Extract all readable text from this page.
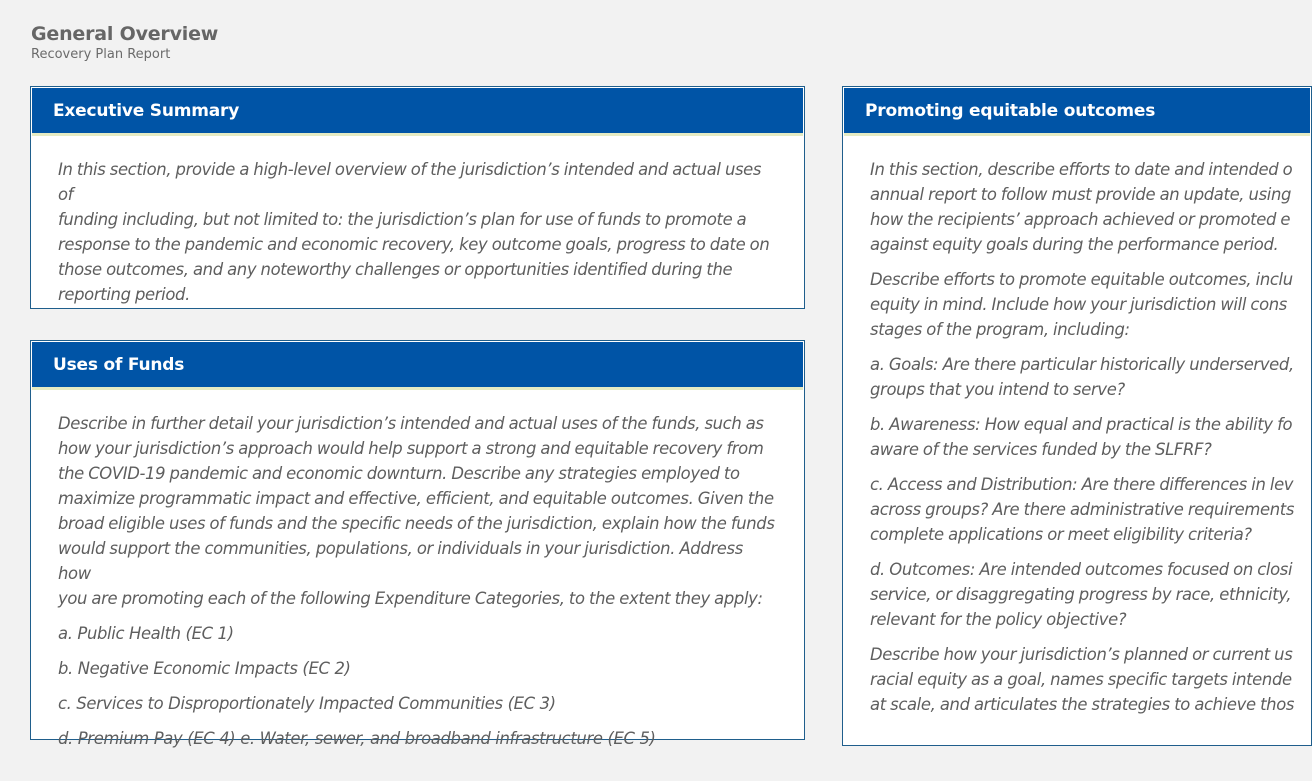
General Overview

Recovery Plan Report

Executive Summary

In this section, provide a high-level overview of the jurisdiction’s intended and actual uses of
funding including, but not limited to: the jurisdiction’s plan for use of funds to promote a
response to the pandemic and economic recovery, key outcome goals, progress to date on
those outcomes, and any noteworthy challenges or opportunities identified during the
reporting period.

Uses of Funds

Describe in further detail your jurisdiction’s intended and actual uses of the funds, such as
how your jurisdiction’s approach would help support a strong and equitable recovery from
the COVID-19 pandemic and economic downturn. Describe any strategies employed to
maximize programmatic impact and effective, efficient, and equitable outcomes. Given the
broad eligible uses of funds and the specific needs of the jurisdiction, explain how the funds
would support the communities, populations, or individuals in your jurisdiction. Address how
you are promoting each of the following Expenditure Categories, to the extent they apply:

a. Public Health (EC 1)

b. Negative Economic Impacts (EC 2)

c. Services to Disproportionately Impacted Communities (EC 3)

d. Premium Pay (EC 4) e. Water, sewer, and broadband infrastructure (EC 5)

Promoting equitable outcomes

In this section, describe efforts to date and intended o
annual report to follow must provide an update, using
how the recipients’ approach achieved or promoted e
against equity goals during the performance period.

Describe efforts to promote equitable outcomes, inclu
equity in mind. Include how your jurisdiction will cons
stages of the program, including:

a. Goals: Are there particular historically underserved,
groups that you intend to serve?

b. Awareness: How equal and practical is the ability fo
aware of the services funded by the SLFRF?

c. Access and Distribution: Are there differences in lev
across groups? Are there administrative requirements
complete applications or meet eligibility criteria?

d. Outcomes: Are intended outcomes focused on closi
service, or disaggregating progress by race, ethnicity,
relevant for the policy objective?

Describe how your jurisdiction’s planned or current us
racial equity as a goal, names specific targets intende
at scale, and articulates the strategies to achieve thos
